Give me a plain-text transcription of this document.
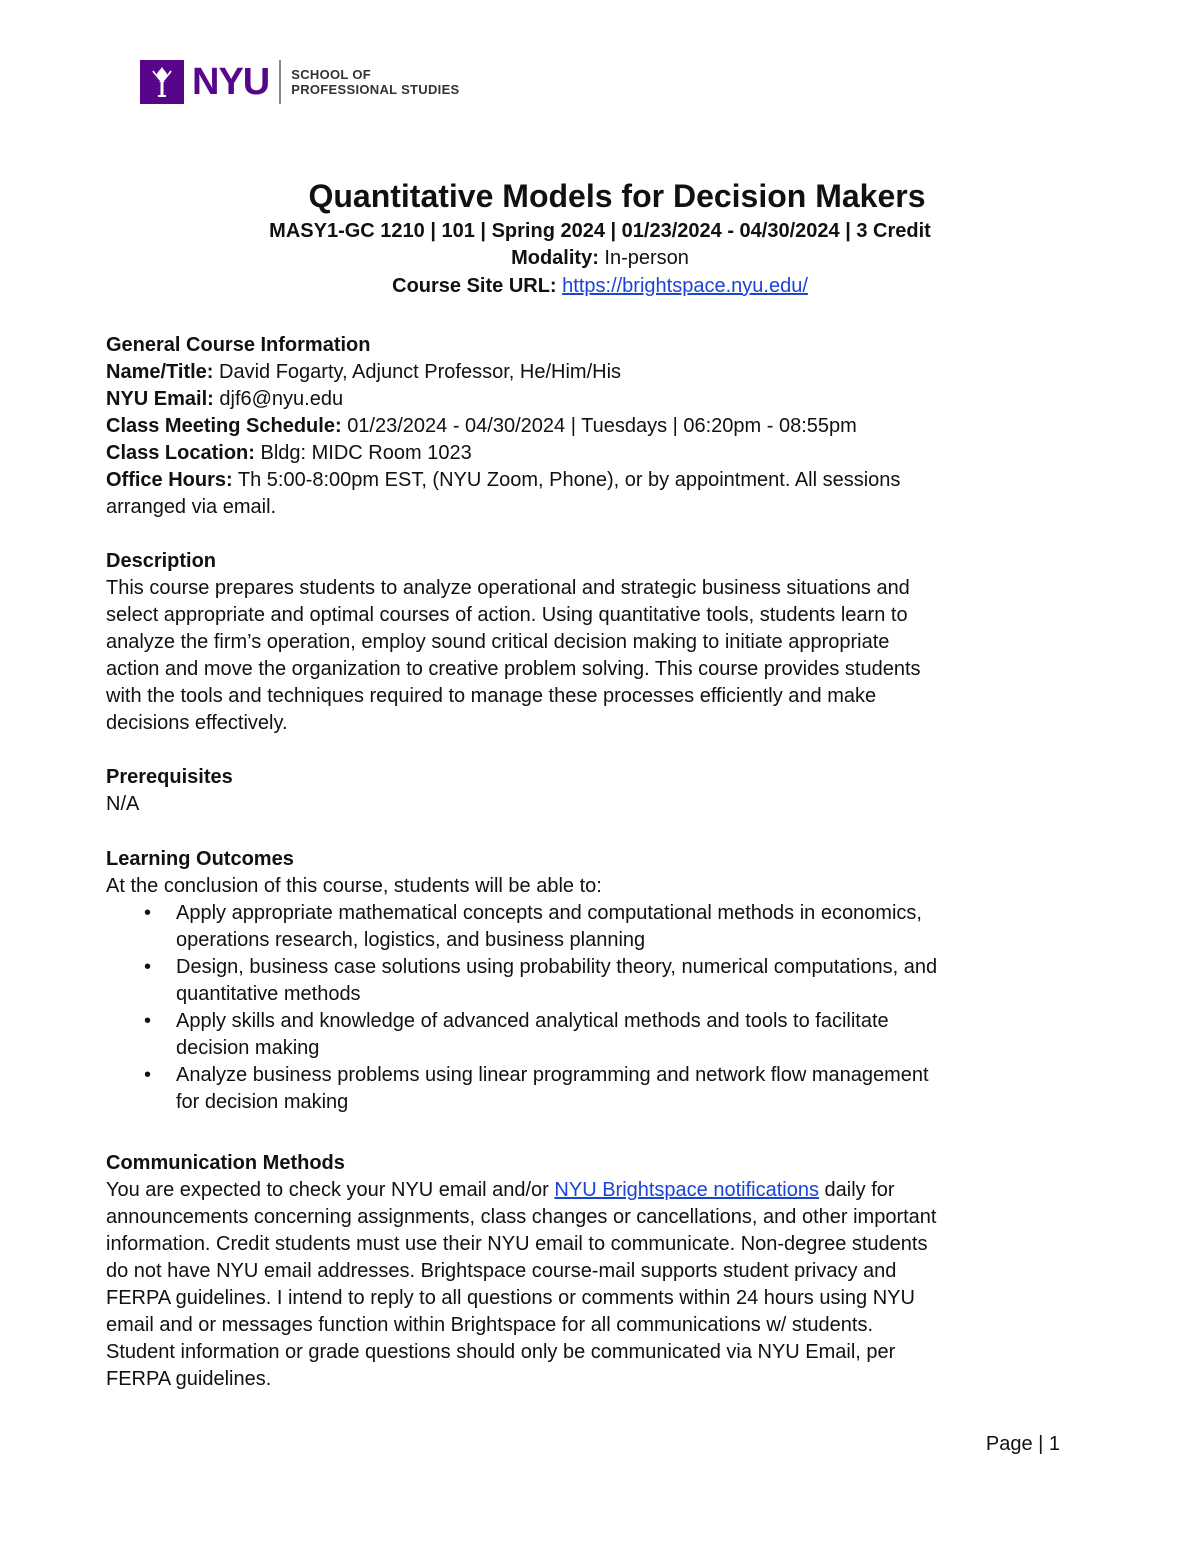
NYU SCHOOL OF
PROFESSIONAL STUDIES
Quantitative Models for Decision Makers
MASY1-GC 1210 | 101 | Spring 2024 | 01/23/2024 - 04/30/2024 | 3 Credit
Modality: In-person
Course Site URL: https://brightspace.nyu.edu/

General Course Information

Name/Title: David Fogarty, Adjunct Professor, He/Him/His

NYU Email: djf6@nyu.edu

Class Meeting Schedule: 01/23/2024 - 04/30/2024 | Tuesdays | 06:20pm - 08:55pm

Class Location: Bldg: MIDC Room 1023

Office Hours: Th 5:00-8:00pm EST, (NYU Zoom, Phone), or by appointment. All sessions

arranged via email.

Description

This course prepares students to analyze operational and strategic business situations and

select appropriate and optimal courses of action. Using quantitative tools, students learn to

analyze the firm’s operation, employ sound critical decision making to initiate appropriate

action and move the organization to creative problem solving. This course provides students

with the tools and techniques required to manage these processes efficiently and make

decisions effectively.

Prerequisites

N/A

Learning Outcomes

At the conclusion of this course, students will be able to:

• Apply appropriate mathematical concepts and computational methods in economics,
operations research, logistics, and business planning
• Design, business case solutions using probability theory, numerical computations, and
quantitative methods
• Apply skills and knowledge of advanced analytical methods and tools to facilitate
decision making
• Analyze business problems using linear programming and network flow management
for decision making

Communication Methods

You are expected to check your NYU email and/or NYU Brightspace notifications daily for

announcements concerning assignments, class changes or cancellations, and other important

information. Credit students must use their NYU email to communicate. Non-degree students

do not have NYU email addresses. Brightspace course-mail supports student privacy and

FERPA guidelines. I intend to reply to all questions or comments within 24 hours using NYU

email and or messages function within Brightspace for all communications w/ students.

Student information or grade questions should only be communicated via NYU Email, per

FERPA guidelines.

Page | 1
